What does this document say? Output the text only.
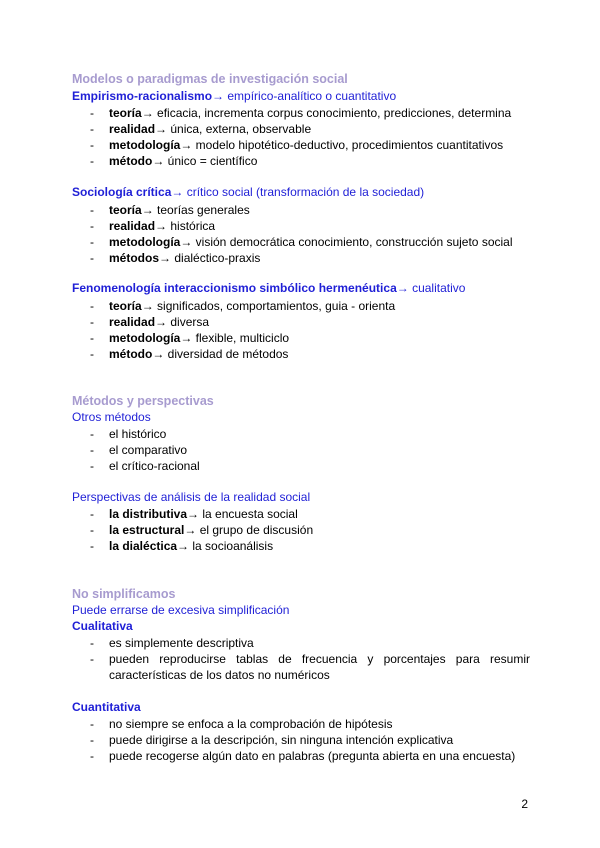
Modelos o paradigmas de investigación social
Empirismo-racionalismo→ empírico-analítico o cuantitativo
- teoría→ eficacia, incrementa corpus conocimiento, predicciones, determina
- realidad→ única, externa, observable
- metodología→ modelo hipotético-deductivo, procedimientos cuantitativos
- método→ único = científico
Sociología crítica→ crítico social (transformación de la sociedad)
- teoría→ teorías generales
- realidad→ histórica
- metodología→ visión democrática conocimiento, construcción sujeto social
- métodos→ dialéctico-praxis
Fenomenología interaccionismo simbólico hermenéutica→ cualitativo
- teoría→ significados, comportamientos, guia - orienta
- realidad→ diversa
- metodología→ flexible, multiciclo
- método→ diversidad de métodos
Métodos y perspectivas
Otros métodos
- el histórico
- el comparativo
- el crítico-racional
Perspectivas de análisis de la realidad social
- la distributiva→ la encuesta social
- la estructural→ el grupo de discusión
- la dialéctica→ la socioanálisis
No simplificamos
Puede errarse de excesiva simplificación
Cualitativa
- es simplemente descriptiva
- pueden reproducirse tablas de frecuencia y porcentajes para resumir
características de los datos no numéricos
Cuantitativa
- no siempre se enfoca a la comprobación de hipótesis
- puede dirigirse a la descripción, sin ninguna intención explicativa
- puede recogerse algún dato en palabras (pregunta abierta en una encuesta)
2
